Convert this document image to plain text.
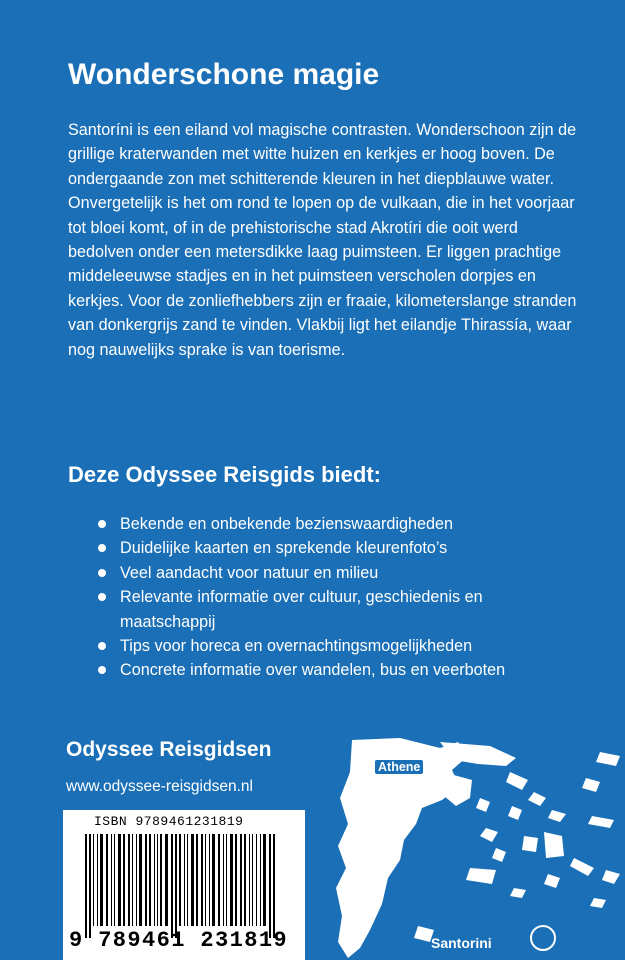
Wonderschone magie

Santoríni is een eiland vol magische contrasten. Wonderschoon zijn de grillige kraterwanden met witte huizen en kerkjes er hoog boven. De ondergaande zon met schitterende kleuren in het diepblauwe water. Onvergetelijk is het om rond te lopen op de vulkaan, die in het voorjaar tot bloei komt, of in de prehistorische stad Akrotíri die ooit werd bedolven onder een metersdikke laag puimsteen. Er liggen prachtige middeleeuwse stadjes en in het puimsteen verscholen dorpjes en kerkjes. Voor de zonliefhebbers zijn er fraaie, kilometerslange stranden van donkergrijs zand te vinden. Vlakbij ligt het eilandje Thirassía, waar nog nauwelijks sprake is van toerisme.

Deze Odyssee Reisgids biedt:
Bekende en onbekende bezienswaardigheden
Duidelijke kaarten en sprekende kleurenfoto’s
Veel aandacht voor natuur en milieu
Relevante informatie over cultuur, geschiedenis en maatschappij
Tips voor horeca en overnachtingsmogelijkheden
Concrete informatie over wandelen, bus en veerboten
Odyssee Reisgidsen
www.odyssee-reisgidsen.nl
ISBN 9789461231819
9 789461 231819
Athene
Santorini
